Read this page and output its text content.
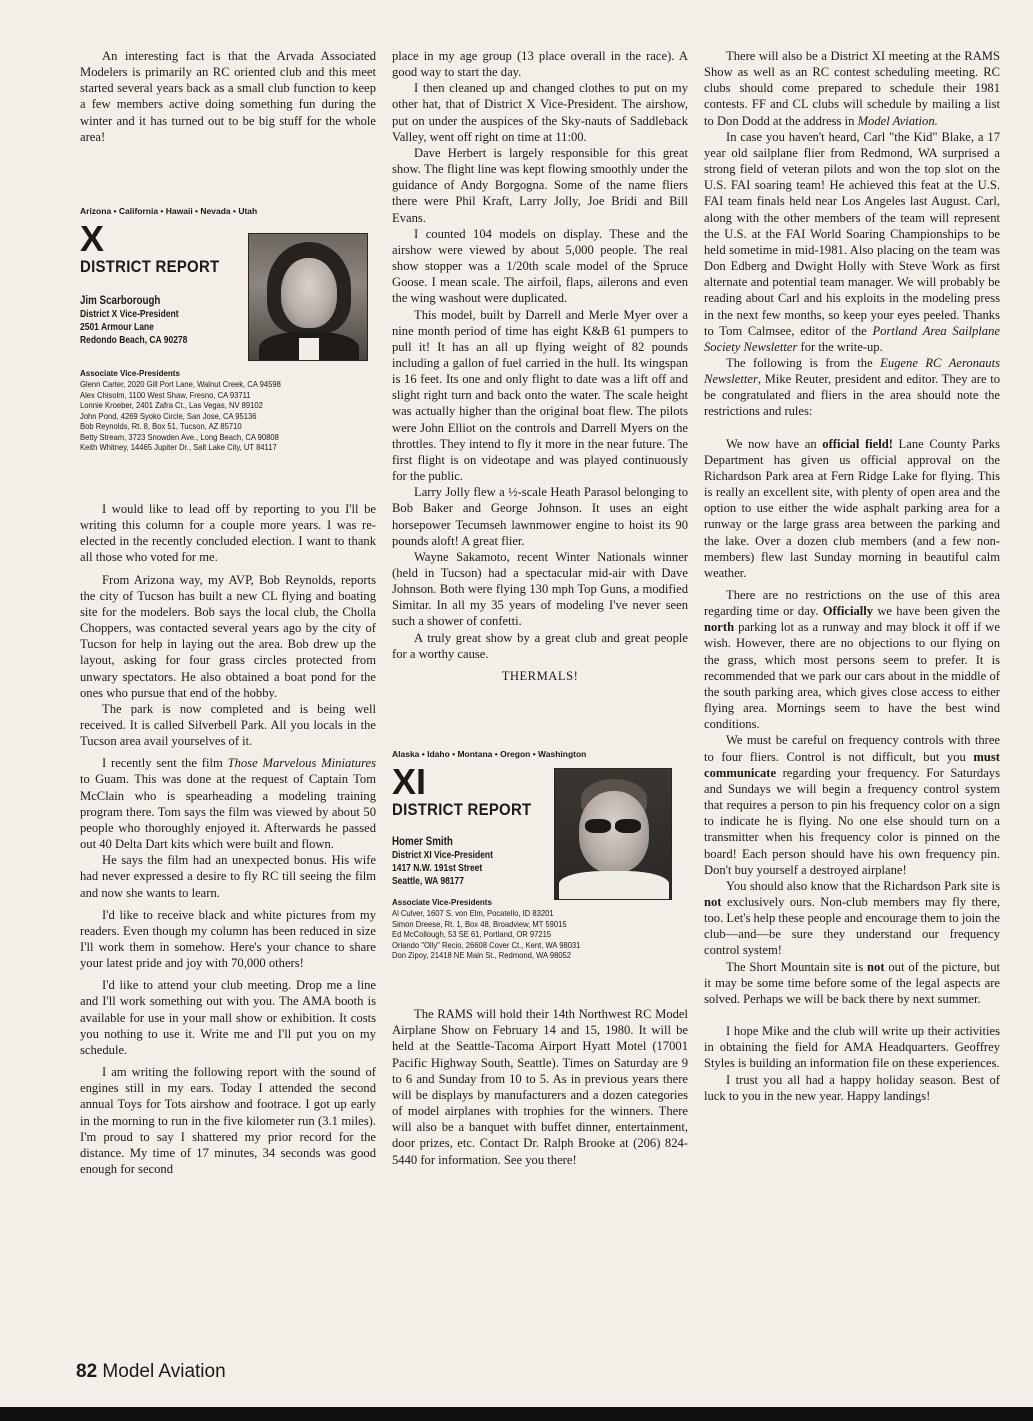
An interesting fact is that the Arvada Associated Modelers is primarily an RC oriented club and this meet started several years back as a small club function to keep a few members active doing something fun during the winter and it has turned out to be big stuff for the whole area!

Arizona • California • Hawaii • Nevada • Utah
X
DISTRICT REPORT
Jim Scarborough
District X Vice-President
2501 Armour Lane
Redondo Beach, CA 90278
Associate Vice-Presidents
Glenn Carter, 2020 Gill Port Lane, Walnut Creek, CA 94598
Alex Chisolm, 1100 West Shaw, Fresno, CA 93711
Lonnie Kroeber, 2401 Zafra Ct., Las Vegas, NV 89102
John Pond, 4269 Syoko Circle, San Jose, CA 95136
Bob Reynolds, Rt. 8, Box 51, Tucson, AZ 85710
Betty Stream, 3723 Snowden Ave., Long Beach, CA 90808
Keith Whitney, 14465 Jupiter Dr., Salt Lake City, UT 84117

I would like to lead off by reporting to you I'll be writing this column for a couple more years. I was re-elected in the recently concluded election. I want to thank all those who voted for me.

From Arizona way, my AVP, Bob Reynolds, reports the city of Tucson has built a new CL flying and boating site for the modelers. Bob says the local club, the Cholla Choppers, was contacted several years ago by the city of Tucson for help in laying out the area. Bob drew up the layout, asking for four grass circles protected from unwary spectators. He also obtained a boat pond for the ones who pursue that end of the hobby.

The park is now completed and is being well received. It is called Silverbell Park. All you locals in the Tucson area avail yourselves of it.

I recently sent the film Those Marvelous Miniatures to Guam. This was done at the request of Captain Tom McClain who is spearheading a modeling training program there. Tom says the film was viewed by about 50 people who thoroughly enjoyed it. Afterwards he passed out 40 Delta Dart kits which were built and flown.

He says the film had an unexpected bonus. His wife had never expressed a desire to fly RC till seeing the film and now she wants to learn.

I'd like to receive black and white pictures from my readers. Even though my column has been reduced in size I'll work them in somehow. Here's your chance to share your latest pride and joy with 70,000 others!

I'd like to attend your club meeting. Drop me a line and I'll work something out with you. The AMA booth is available for use in your mall show or exhibition. It costs you nothing to use it. Write me and I'll put you on my schedule.

I am writing the following report with the sound of engines still in my ears. Today I attended the second annual Toys for Tots airshow and footrace. I got up early in the morning to run in the five kilometer run (3.1 miles). I'm proud to say I shattered my prior record for the distance. My time of 17 minutes, 34 seconds was good enough for second

place in my age group (13 place overall in the race). A good way to start the day.

I then cleaned up and changed clothes to put on my other hat, that of District X Vice-President. The airshow, put on under the auspices of the Sky-nauts of Saddleback Valley, went off right on time at 11:00.

Dave Herbert is largely responsible for this great show. The flight line was kept flowing smoothly under the guidance of Andy Borgogna. Some of the name fliers there were Phil Kraft, Larry Jolly, Joe Bridi and Bill Evans.

I counted 104 models on display. These and the airshow were viewed by about 5,000 people. The real show stopper was a 1/20th scale model of the Spruce Goose. I mean scale. The airfoil, flaps, ailerons and even the wing washout were duplicated.

This model, built by Darrell and Merle Myer over a nine month period of time has eight K&B 61 pumpers to pull it! It has an all up flying weight of 82 pounds including a gallon of fuel carried in the hull. Its wingspan is 16 feet. Its one and only flight to date was a lift off and slight right turn and back onto the water. The scale height was actually higher than the original boat flew. The pilots were John Elliot on the controls and Darrell Myers on the throttles. They intend to fly it more in the near future. The first flight is on videotape and was played continuously for the public.

Larry Jolly flew a ½-scale Heath Parasol belonging to Bob Baker and George Johnson. It uses an eight horsepower Tecumseh lawnmower engine to hoist its 90 pounds aloft! A great flier.

Wayne Sakamoto, recent Winter Nationals winner (held in Tucson) had a spectacular mid-air with Dave Johnson. Both were flying 130 mph Top Guns, a modified Simitar. In all my 35 years of modeling I've never seen such a shower of confetti.

A truly great show by a great club and great people for a worthy cause.

THERMALS!

Alaska • Idaho • Montana • Oregon • Washington
XI
DISTRICT REPORT
Homer Smith
District XI Vice-President
1417 N.W. 191st Street
Seattle, WA 98177
Associate Vice-Presidents
Al Culver, 1607 S. von Elm, Pocatello, ID 83201
Simon Dreese, Rt. 1, Box 48, Broadview, MT 59015
Ed McCollough, 53 SE 61, Portland, OR 97215
Orlando "Olly" Recio, 26608 Cover Ct., Kent, WA 98031
Don Zipoy, 21418 NE Main St., Redmond, WA 98052

The RAMS will hold their 14th Northwest RC Model Airplane Show on February 14 and 15, 1980. It will be held at the Seattle-Tacoma Airport Hyatt Motel (17001 Pacific Highway South, Seattle). Times on Saturday are 9 to 6 and Sunday from 10 to 5. As in previous years there will be displays by manufacturers and a dozen categories of model airplanes with trophies for the winners. There will also be a banquet with buffet dinner, entertainment, door prizes, etc. Contact Dr. Ralph Brooke at (206) 824-5440 for information. See you there!

There will also be a District XI meeting at the RAMS Show as well as an RC contest scheduling meeting. RC clubs should come prepared to schedule their 1981 contests. FF and CL clubs will schedule by mailing a list to Don Dodd at the address in Model Aviation.

In case you haven't heard, Carl "the Kid" Blake, a 17 year old sailplane flier from Redmond, WA surprised a strong field of veteran pilots and won the top slot on the U.S. FAI soaring team! He achieved this feat at the U.S. FAI team finals held near Los Angeles last August. Carl, along with the other members of the team will represent the U.S. at the FAI World Soaring Championships to be held sometime in mid-1981. Also placing on the team was Don Edberg and Dwight Holly with Steve Work as first alternate and potential team manager. We will probably be reading about Carl and his exploits in the modeling press in the next few months, so keep your eyes peeled. Thanks to Tom Calmsee, editor of the Portland Area Sailplane Society Newsletter for the write-up.

The following is from the Eugene RC Aeronauts Newsletter, Mike Reuter, president and editor. They are to be congratulated and fliers in the area should note the restrictions and rules:

We now have an official field! Lane County Parks Department has given us official approval on the Richardson Park area at Fern Ridge Lake for flying. This is really an excellent site, with plenty of open area and the option to use either the wide asphalt parking area for a runway or the large grass area between the parking and the lake. Over a dozen club members (and a few non-members) flew last Sunday morning in beautiful calm weather.

There are no restrictions on the use of this area regarding time or day. Officially we have been given the north parking lot as a runway and may block it off if we wish. However, there are no objections to our flying on the grass, which most persons seem to prefer. It is recommended that we park our cars about in the middle of the south parking area, which gives close access to either flying area. Mornings seem to have the best wind conditions.

We must be careful on frequency controls with three to four fliers. Control is not difficult, but you must communicate regarding your frequency. For Saturdays and Sundays we will begin a frequency control system that requires a person to pin his frequency color on a sign to indicate he is flying. No one else should turn on a transmitter when his frequency color is pinned on the board! Each person should have his own frequency pin. Don't buy yourself a destroyed airplane!

You should also know that the Richardson Park site is not exclusively ours. Non-club members may fly there, too. Let's help these people and encourage them to join the club—and—be sure they understand our frequency control system!

The Short Mountain site is not out of the picture, but it may be some time before some of the legal aspects are solved. Perhaps we will be back there by next summer.

I hope Mike and the club will write up their activities in obtaining the field for AMA Headquarters. Geoffrey Styles is building an information file on these experiences.

I trust you all had a happy holiday season. Best of luck to you in the new year. Happy landings!

82 Model Aviation
